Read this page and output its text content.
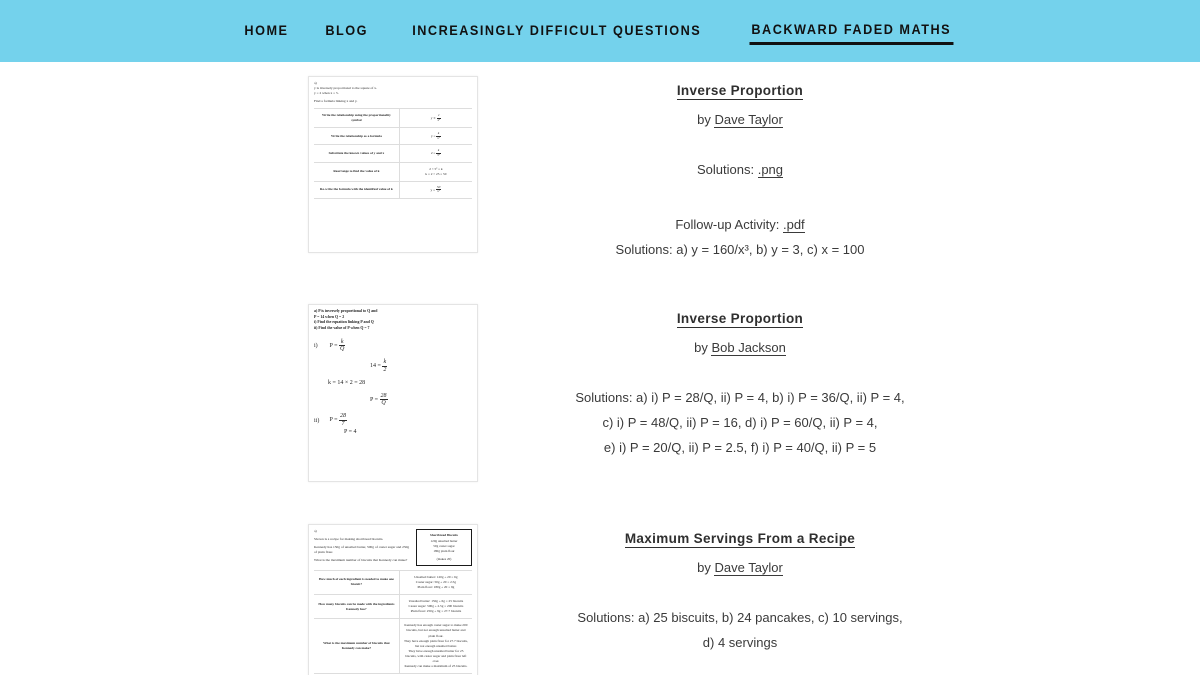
HOME	BLOG	INCREASINGLY DIFFICULT QUESTIONS	BACKWARD FADED MATHS

a)

y is inversely proportional to the square of x.

y = 2 when x = 5.

Find a formula linking x and y.

Write the relationship using the proportionality symbol	$y \propto \frac{1}{\text{x²}}$

Write the relationship as a formula	$y = \frac{k}{\text{x²}}$

Substitute the known values of y and x	$2 = \frac{k}{\text{5²}}$

Rearrange to find the value of k	2 × 5² = k
k = 2 × 25 = 50
Re-write the formula with the identified value of k	$y = \frac{50}{\text{x²}}$
Inverse Proportion
by Dave Taylor
Solutions: .png
Follow-up Activity: .pdf
Solutions: a) y = 160/x³, b) y = 3, c) x = 100

a) P is inversely proportional to Q and

P = 14 when Q = 2

i) Find the equation linking P and Q

ii) Find the value of P when Q = 7

i) $P = \frac{k}{Q}$
$14 = \frac{k}{2}$
k = 14 × 2 = 28
$P = \frac{28}{Q}$
ii) $P = \frac{28}{7}$
P = 4
Inverse Proportion
by Bob Jackson
Solutions: a) i) P = 28/Q, ii) P = 4, b) i) P = 36/Q, ii) P = 4,
c) i) P = 48/Q, ii) P = 16, d) i) P = 60/Q, ii) P = 4,
e) i) P = 20/Q, ii) P = 2.5, f) i) P = 40/Q, ii) P = 5

a)

Shown is a recipe for making shortbread biscuits.

Kennedy has 150g of unsalted butter, 500g of caster sugar and 250g of plain flour.

What is the maximum number of biscuits that Kennedy can make?

Shortbread Biscuits
120g unsalted butter
50g caster sugar
180g plain flour
(makes 20)
How much of each ingredient is needed to make one biscuit?	Unsalted butter: 120g ÷ 20 = 6g
Caster sugar: 50g ÷ 20 = 2.5g
Plain flour: 180g ÷ 20 = 9g
How many biscuits can be made with the ingredients Kennedy has?	Unsalted butter: 150g ÷ 6g = 25 biscuits
Caster sugar: 500g ÷ 2.5g = 200 biscuits
Plain flour: 250g ÷ 9g = 27.7 biscuits
What is the maximum number of biscuits that Kennedy can make?	Kennedy has enough caster sugar to make 200 biscuits, but not enough unsalted butter and plain flour.
They have enough plain flour for 27.7 biscuits, but not enough unsalted butter.
They have enough unsalted butter for 25 biscuits, with caster sugar and plain flour left over.
Kennedy can make a maximum of 25 biscuits.
Maximum Servings From a Recipe
by Dave Taylor
Solutions: a) 25 biscuits, b) 24 pancakes, c) 10 servings,
d) 4 servings
